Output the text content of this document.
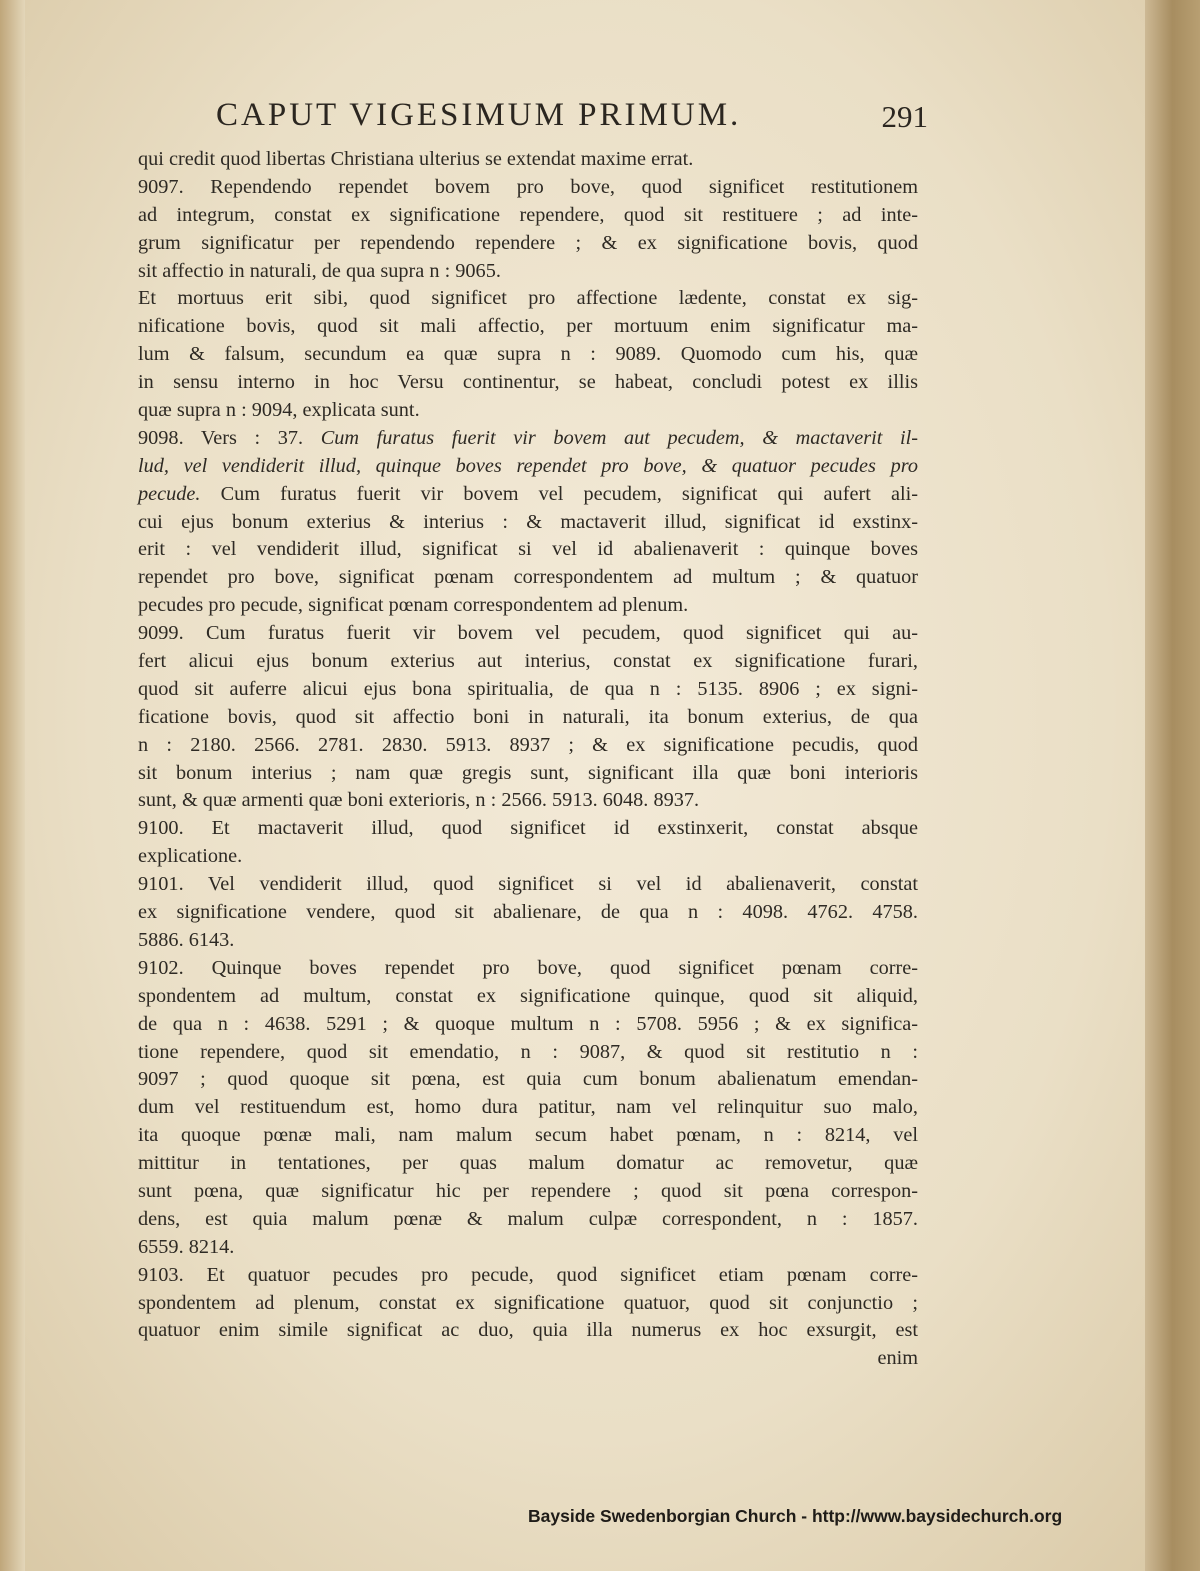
CAPUT VIGESIMUM PRIMUM.	291
qui credit quod libertas Christiana ulterius se extendat maxime errat.
9097. Rependendo rependet bovem pro bove, quod significet restitutionem
ad integrum, constat ex significatione rependere, quod sit restituere ; ad inte-
grum significatur per rependendo rependere ; & ex significatione bovis, quod
sit affectio in naturali, de qua supra n : 9065.
Et mortuus erit sibi, quod significet pro affectione lædente, constat ex sig-
nificatione bovis, quod sit mali affectio, per mortuum enim significatur ma-
lum & falsum, secundum ea quæ supra n : 9089. Quomodo cum his, quæ
in sensu interno in hoc Versu continentur, se habeat, concludi potest ex illis
quæ supra n : 9094, explicata sunt.
9098. Vers : 37. Cum furatus fuerit vir bovem aut pecudem, & mactaverit il-
lud, vel vendiderit illud, quinque boves rependet pro bove, & quatuor pecudes pro
pecude. Cum furatus fuerit vir bovem vel pecudem, significat qui aufert ali-
cui ejus bonum exterius & interius : & mactaverit illud, significat id exstinx-
erit : vel vendiderit illud, significat si vel id abalienaverit : quinque boves
rependet pro bove, significat pœnam correspondentem ad multum ; & quatuor
pecudes pro pecude, significat pœnam correspondentem ad plenum.
9099. Cum furatus fuerit vir bovem vel pecudem, quod significet qui au-
fert alicui ejus bonum exterius aut interius, constat ex significatione furari,
quod sit auferre alicui ejus bona spiritualia, de qua n : 5135. 8906 ; ex signi-
ficatione bovis, quod sit affectio boni in naturali, ita bonum exterius, de qua
n : 2180. 2566. 2781. 2830. 5913. 8937 ; & ex significatione pecudis, quod
sit bonum interius ; nam quæ gregis sunt, significant illa quæ boni interioris
sunt, & quæ armenti quæ boni exterioris, n : 2566. 5913. 6048. 8937.
9100. Et mactaverit illud, quod significet id exstinxerit, constat absque
explicatione.
9101. Vel vendiderit illud, quod significet si vel id abalienaverit, constat
ex significatione vendere, quod sit abalienare, de qua n : 4098. 4762. 4758.
5886. 6143.
9102. Quinque boves rependet pro bove, quod significet pœnam corre-
spondentem ad multum, constat ex significatione quinque, quod sit aliquid,
de qua n : 4638. 5291 ; & quoque multum n : 5708. 5956 ; & ex significa-
tione rependere, quod sit emendatio, n : 9087, & quod sit restitutio n :
9097 ; quod quoque sit pœna, est quia cum bonum abalienatum emendan-
dum vel restituendum est, homo dura patitur, nam vel relinquitur suo malo,
ita quoque pœnæ mali, nam malum secum habet pœnam, n : 8214, vel
mittitur in tentationes, per quas malum domatur ac removetur, quæ
sunt pœna, quæ significatur hic per rependere ; quod sit pœna correspon-
dens, est quia malum pœnæ & malum culpæ correspondent, n : 1857.
6559. 8214.
9103. Et quatuor pecudes pro pecude, quod significet etiam pœnam corre-
spondentem ad plenum, constat ex significatione quatuor, quod sit conjunctio ;
quatuor enim simile significat ac duo, quia illa numerus ex hoc exsurgit, est
enim
Bayside Swedenborgian Church - http://www.baysidechurch.org
